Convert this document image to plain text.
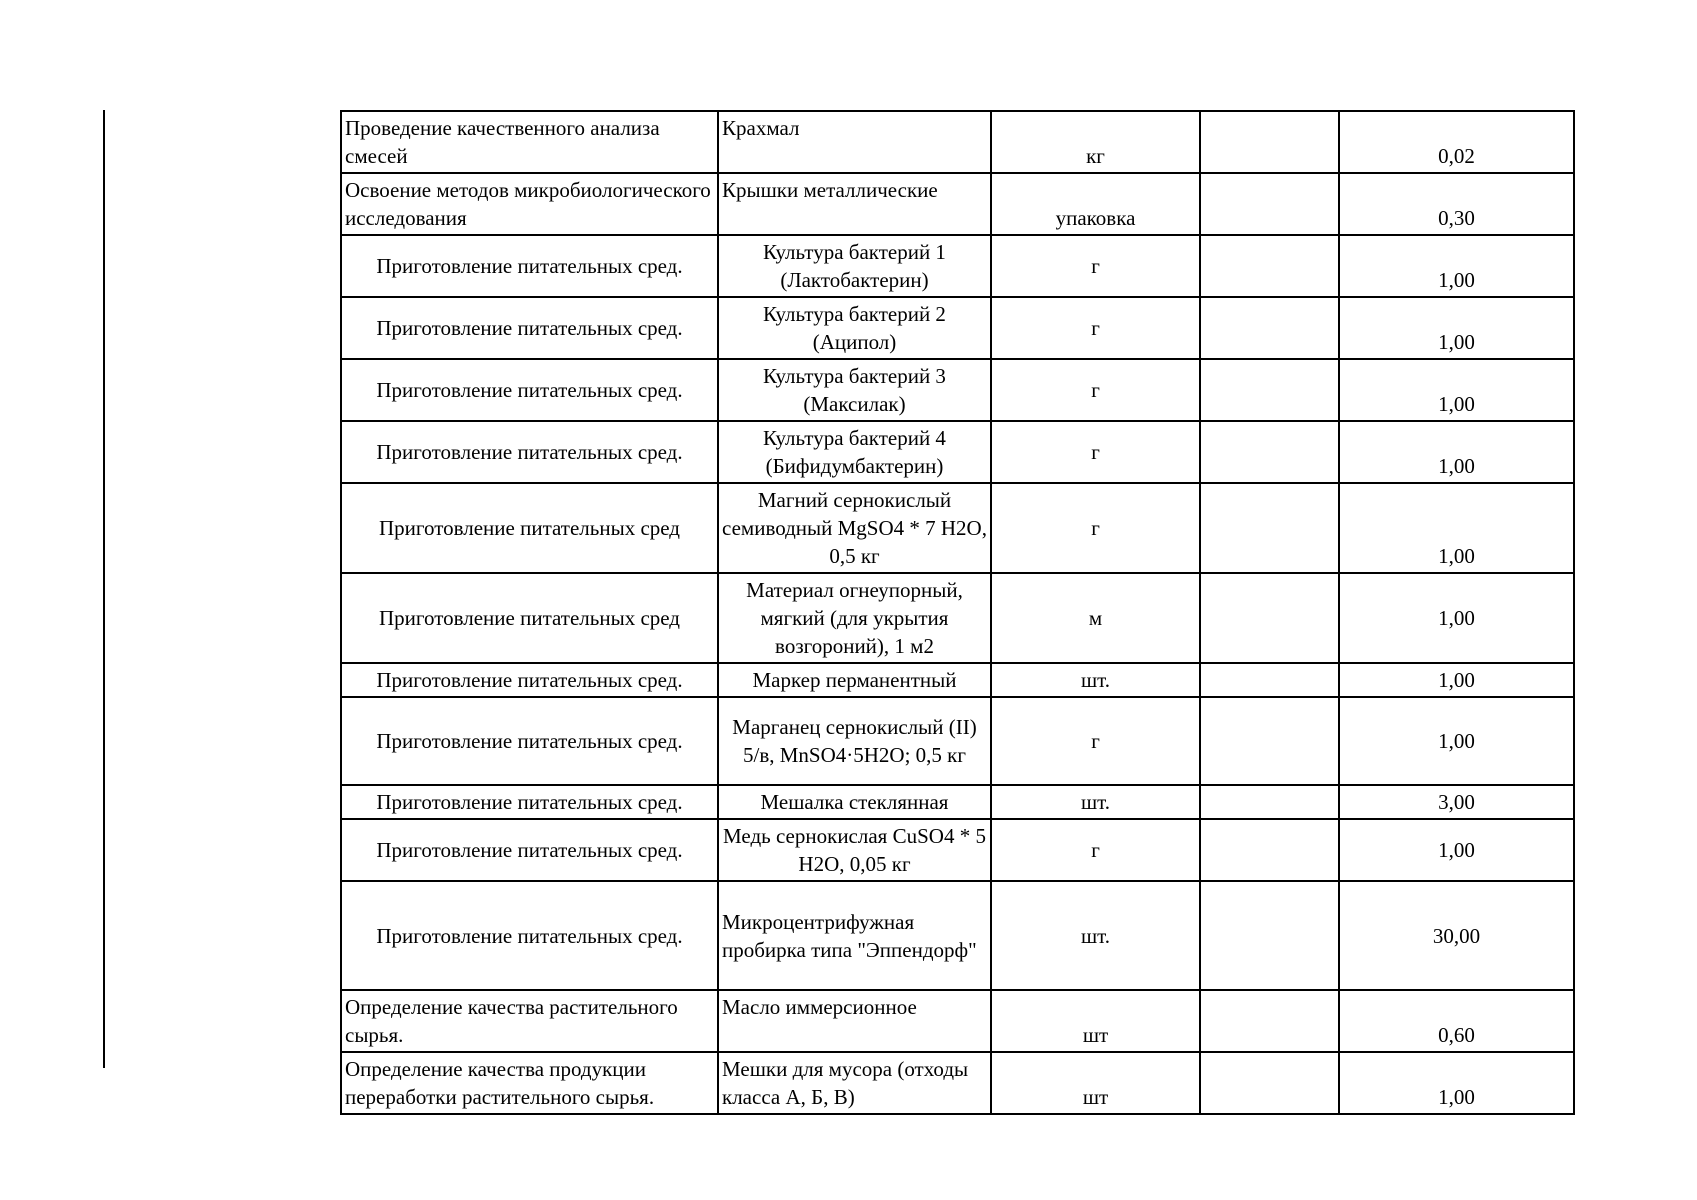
Проведение качественного анализа смесей	Крахмал	кг		0,02
Освоение методов микробиологического исследования	Крышки металлические	упаковка		0,30
Приготовление питательных сред.	Культура бактерий 1 (Лактобактерин)	г		1,00
Приготовление питательных сред.	Культура бактерий 2 (Аципол)	г		1,00
Приготовление питательных сред.	Культура бактерий 3 (Максилак)	г		1,00
Приготовление питательных сред.	Культура бактерий 4 (Бифидумбактерин)	г		1,00
Приготовление питательных сред	Магний сернокислый семиводный MgSO4 * 7 H2O, 0,5 кг	г		1,00
Приготовление питательных сред	Материал огнеупорный, мягкий (для укрытия возгороний), 1 м2	м		1,00
Приготовление питательных сред.	Маркер перманентный	шт.		1,00
Приготовление питательных сред.	Марганец сернокислый (II) 5/в, MnSO4·5H2O; 0,5 кг	г		1,00
Приготовление питательных сред.	Мешалка стеклянная	шт.		3,00
Приготовление питательных сред.	Медь сернокислая CuSO4 * 5 H2O, 0,05 кг	г		1,00
Приготовление питательных сред.	Микроцентрифужная пробирка типа "Эппендорф"	шт.		30,00
Определение качества растительного сырья.	Масло иммерсионное	шт		0,60
Определение качества продукции переработки растительного сырья.	Мешки для мусора (отходы класса А, Б, В)	шт		1,00
